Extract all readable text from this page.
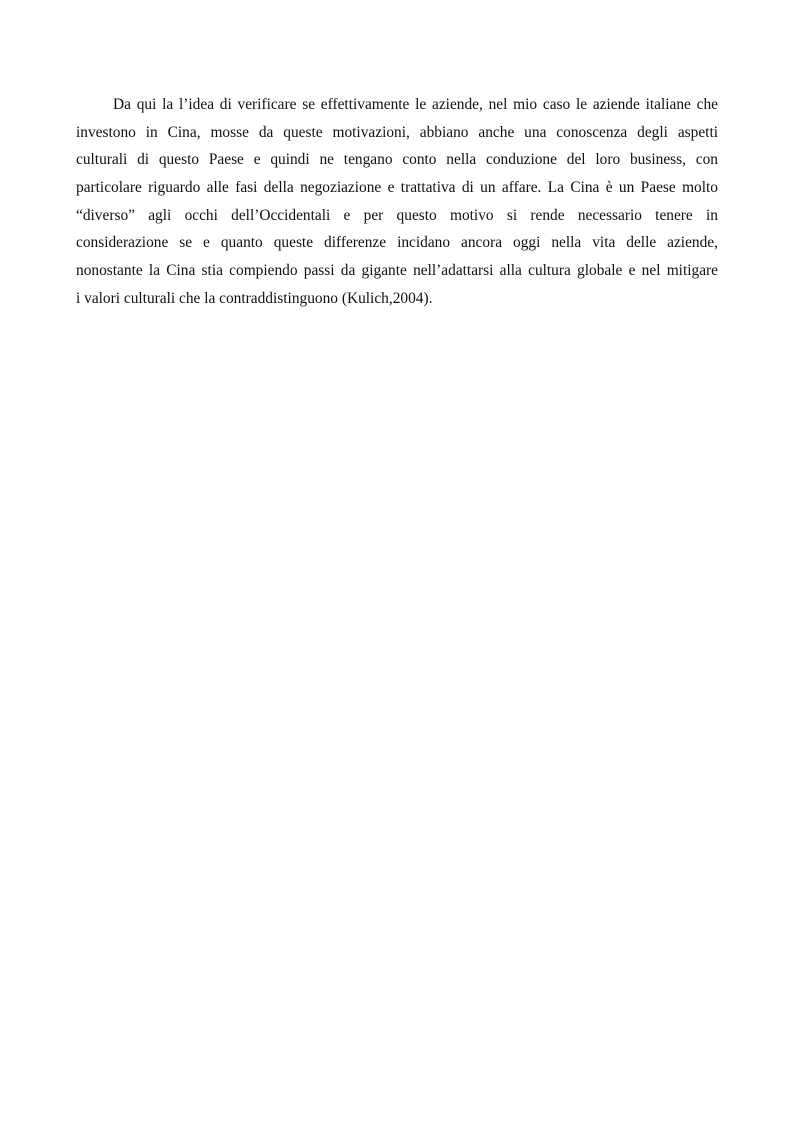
Da qui la l’idea di verificare se effettivamente le aziende, nel mio caso le aziende italiane che
investono in Cina, mosse da queste motivazioni, abbiano anche una conoscenza degli aspetti
culturali di questo Paese e quindi ne tengano conto nella conduzione del loro business, con
particolare riguardo alle fasi della negoziazione e trattativa di un affare. La Cina è un Paese molto
“diverso” agli occhi dell’Occidentali e per questo motivo si rende necessario tenere in
considerazione se e quanto queste differenze incidano ancora oggi nella vita delle aziende,
nonostante la Cina stia compiendo passi da gigante nell’adattarsi alla cultura globale e nel mitigare
i valori culturali che la contraddistinguono (Kulich,2004).
